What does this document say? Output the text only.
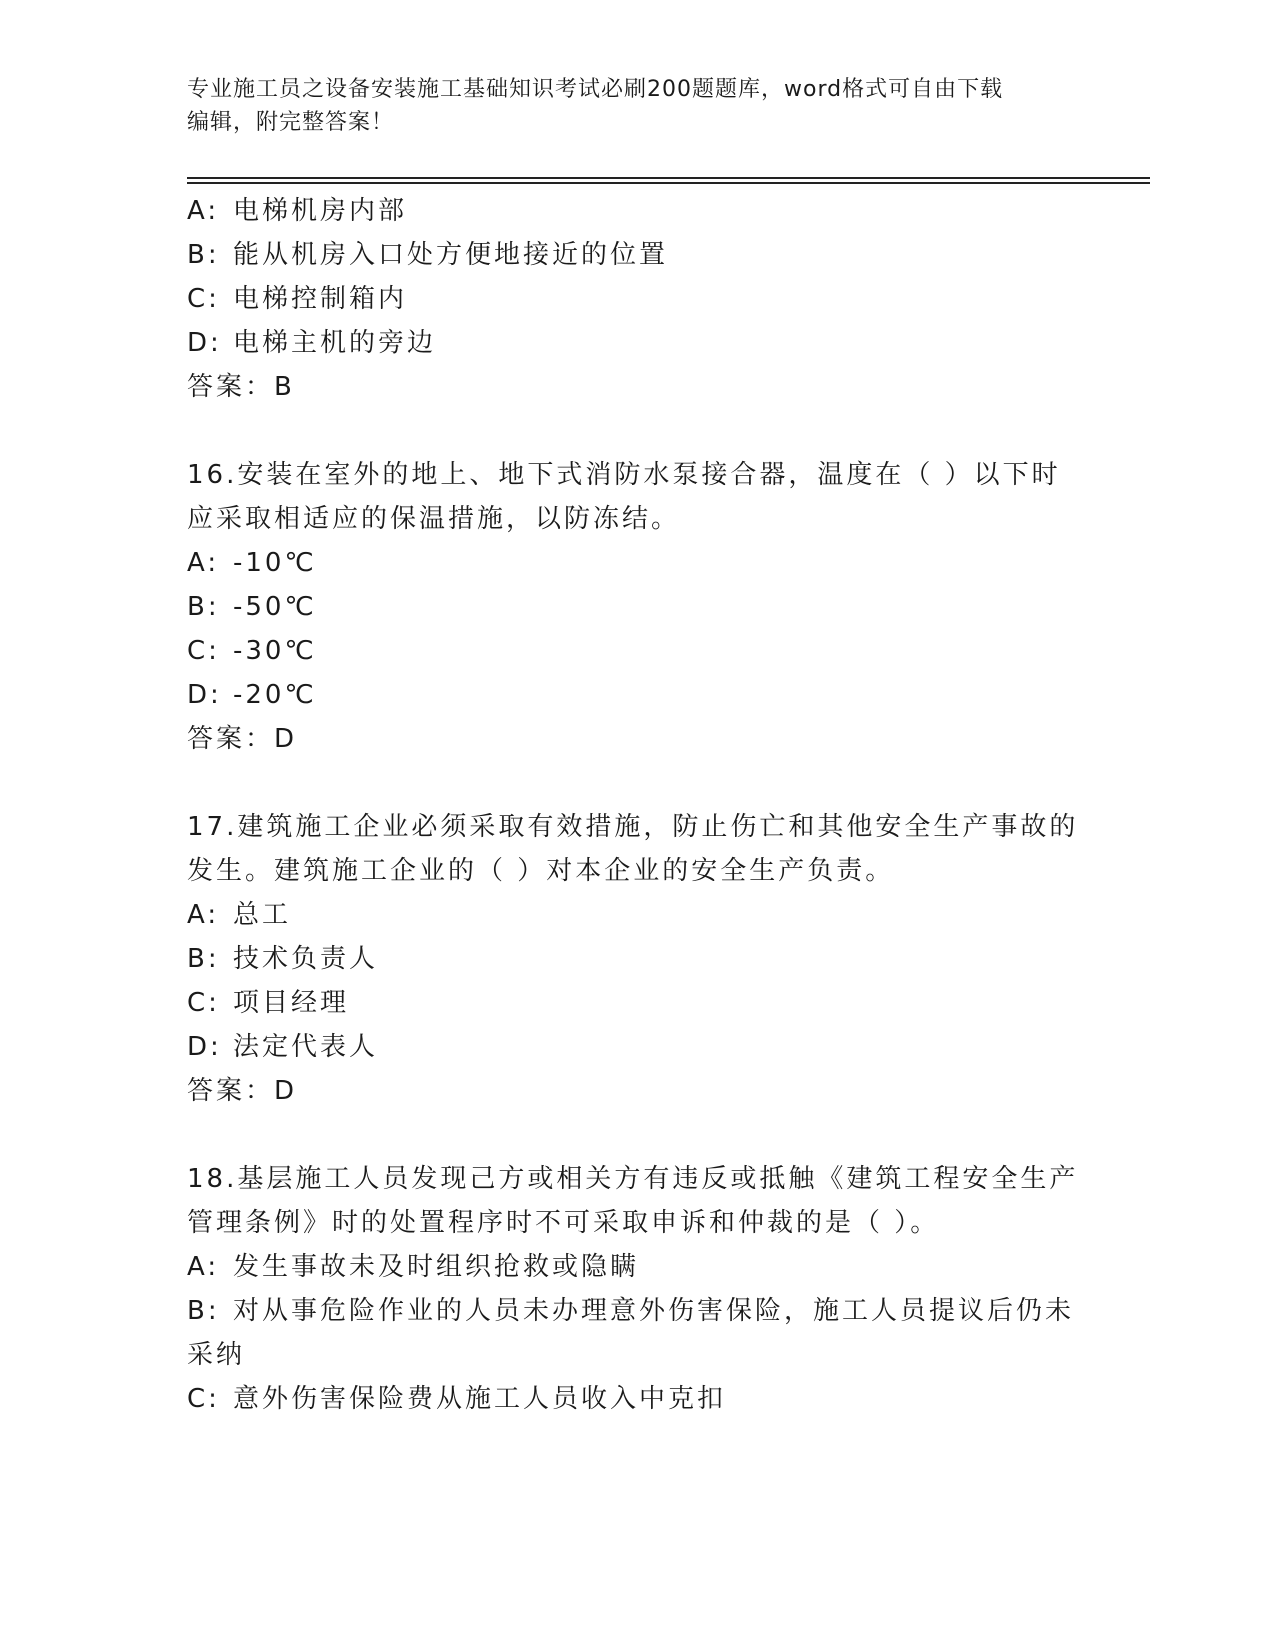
专业施工员之设备安装施工基础知识考试必刷200题题库，word格式可自由下载
编辑，附完整答案！
A: 电梯机房内部
B: 能从机房入口处方便地接近的位置
C: 电梯控制箱内
D: 电梯主机的旁边
答案：B
16.安装在室外的地上、地下式消防水泵接合器，温度在（ ）以下时
应采取相适应的保温措施，以防冻结。
A: -10℃
B: -50℃
C: -30℃
D: -20℃
答案：D
17.建筑施工企业必须采取有效措施，防止伤亡和其他安全生产事故的
发生。建筑施工企业的（ ）对本企业的安全生产负责。
A: 总工
B: 技术负责人
C: 项目经理
D: 法定代表人
答案：D
18.基层施工人员发现己方或相关方有违反或抵触《建筑工程安全生产
管理条例》时的处置程序时不可采取申诉和仲裁的是（ ）。
A: 发生事故未及时组织抢救或隐瞒
B: 对从事危险作业的人员未办理意外伤害保险，施工人员提议后仍未
采纳
C: 意外伤害保险费从施工人员收入中克扣
